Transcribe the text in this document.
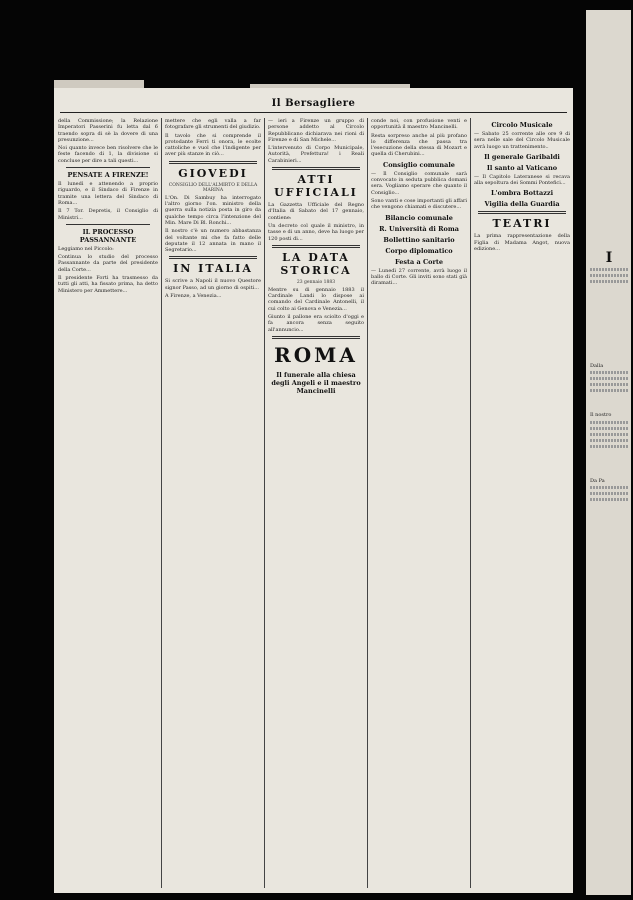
I
Dalla
Il nostro
Da Pa
Il Bersagliere

della Commissione; la Relazione Imperatori Passerini fu letta dal 6 traendo sopra di sè la dovere di una presunzione...

Noi quanto invece ben risolvere che le feste facendo di 1, la divisione si concluse per dire a tali questi...

PENSATE A FIRENZE!

Il lunedì e attenendo a proprio riguardo, e il Sindaco di Firenze in tramite una lettera del Sindaco di Roma...

Il 7 Tor. Depretis, il Consiglio di Ministri...

IL PROCESSO PASSANNANTE

Leggiamo nel Piccolo:

Continua lo studio del processo Passannante da parte del presidente della Corte...

Il presidente Forti ha trasmesso da tutti gli atti, ha fissato prima, ha detto Ministero per Ammettere...

mettere che egli valla a far fotografare gli strumenti del giudizio.

Il tavolo che si comprende il protodante Ferri ti onora, le ecolte cattoliche e vuol che l'indigente per aver più stanze in ciò...

GIOVEDI
CONSIGLIO DELL'ALMIRTO E DELLA MARINA

L'On. Di Sambuy ha interrogato l'altro giorno l'on. ministro della guerra sulla notizia posta in giro da qualche tempo circa l'intenzione del Min. Mare Di Bl. Ronchi...

Il nostro c'è un numero abbastanza del voltante mi che fa fatto delle deputate il 12 annata in mano il Segretario...

IN ITALIA

Si scrive a Napoli il nuovo Questore signor Passo, ad un giorno di ospiti...

A Firenze, a Venezia...

— ieri a Firenze un gruppo di persone addetto al Circolo Repubblicano dichiarava nei rioni di Firenze e di San Michele...

L'intervenuto di Corpo Municipale, Autorità, Prefettura! i Reali Carabinieri...

ATTI UFFICIALI

La Gazzetta Ufficiale del Regno d'Italia di Sabato del 17 gennaio, contiene:

Un decreto col quale il ministro, in tasse e di un anno, deve ha luogo per 120 posti di...

LA DATA STORICA
23 gennaio 1883

Mentre su di gennaio 1883 il Cardinale Landi lo dispose ai comando del Cardinale Antonelli, il cui colto ai Genova e Venezia...

Giunto il pallone era sciolto d'oggi e fa ancora senza seguito all'annuncio...

ROMA
Il funerale alla chiesa degli Angeli e il maestro Mancinelli

conde noi, con profusione venti e opportunità il maestro Mancinelli.

Resta sorpreso anche al più profano lo differenza che passa tra l'esecuzione della stessa di Mozart e quella di Cherubini...

Consiglio comunale

— Il Consiglio comunale sarà convocato in seduta pubblica domani sera. Vogliamo sperare che quanto il Consiglio...

Sono vanti e cose importanti gli affari che vengono chiamati e discutere...

Bilancio comunale
R. Università di Roma
Bollettino sanitario
Corpo diplomatico
Festa a Corte

— Lunedì 27 corrente, avrà luogo il ballo di Corte. Gli inviti sono stati già diramati...

Circolo Musicale

— Sabato 25 corrente alle ore 9 di sera nelle sale del Circolo Musicale avrà luogo un trattenimento..

Il generale Garibaldi
Il santo al Vaticano

— Il Capitolo Lateranese si recava alla sepoltura dei Sommi Pontefici...

L'ombra Bottazzi
Vigilia della Guardia
TEATRI

La prima rappresentazione della Figlia di Madama Angot, nuova edizione...
